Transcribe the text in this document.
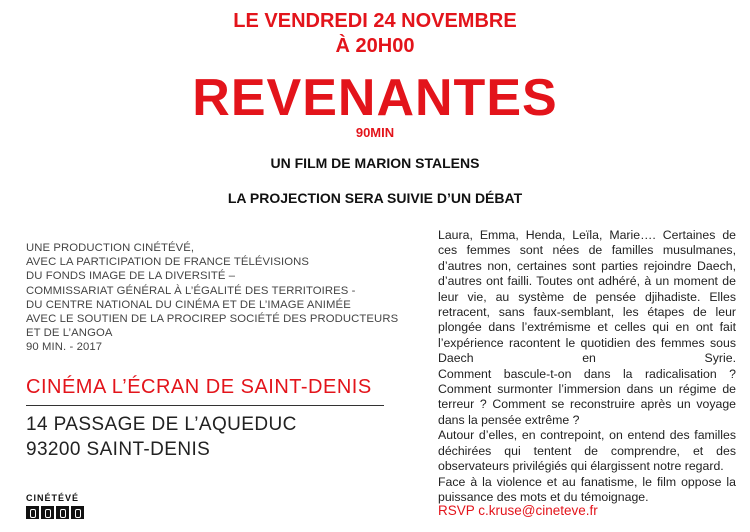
LE VENDREDI 24 NOVEMBRE
À 20H00
REVENANTES
90MIN
UN FILM DE MARION STALENS
LA PROJECTION SERA SUIVIE D’UN DÉBAT
UNE PRODUCTION CINÉTÉVÉ,
AVEC LA PARTICIPATION DE FRANCE TÉLÉVISIONS
DU FONDS IMAGE DE LA DIVERSITÉ –
COMMISSARIAT GÉNÉRAL À L’ÉGALITÉ DES TERRITOIRES -
DU CENTRE NATIONAL DU CINÉMA ET DE L’IMAGE ANIMÉE
AVEC LE SOUTIEN DE LA PROCIREP SOCIÉTÉ DES PRODUCTEURS
ET DE L’ANGOA
90 MIN. - 2017
CINÉMA L’ÉCRAN DE SAINT-DENIS
14 PASSAGE DE L’AQUEDUC
93200 SAINT-DENIS
CINÉTÉVÉ

Laura, Emma, Henda, Leïla, Marie…. Certaines de ces femmes sont nées de familles musulmanes, d’autres non, certaines sont parties rejoindre Daech, d’autres ont failli. Toutes ont adhéré, à un moment de leur vie, au système de pensée djihadiste. Elles retracent, sans faux-semblant, les étapes de leur plongée dans l’extrémisme et celles qui en ont fait l’expérience racontent le quotidien des femmes sous Daech en Syrie.

Comment bascule-t-on dans la radicalisation ? Comment surmonter l’immersion dans un régime de terreur ? Comment se reconstruire après un voyage dans la pensée extrême ?

Autour d’elles, en contrepoint, on entend des familles déchirées qui tentent de comprendre, et des observateurs privilégiés qui élargissent notre regard.

Face à la violence et au fanatisme, le film oppose la puissance des mots et du témoignage.

RSVP c.kruse@cineteve.fr
